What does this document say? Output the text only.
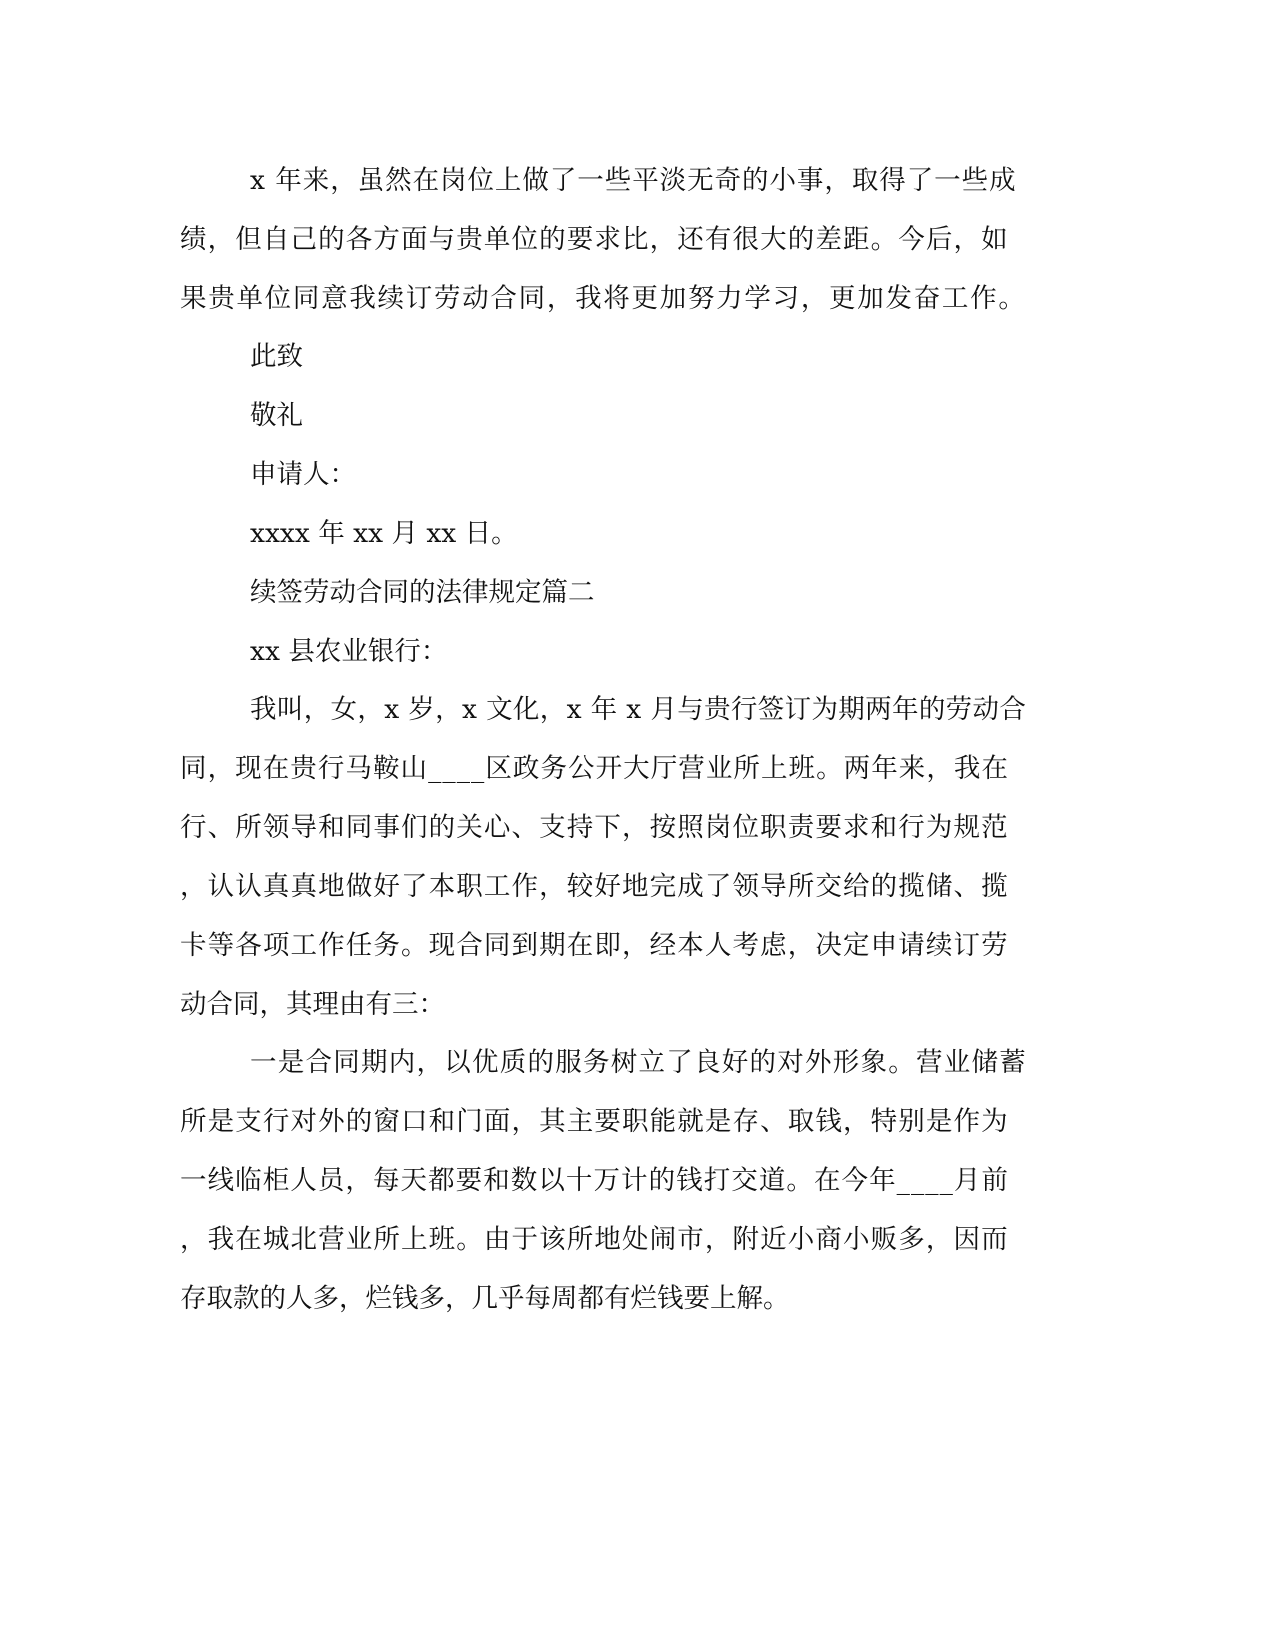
x
年 来 ， 虽 然 在 岗 位 上 做 了 一 些 平 淡 无 奇 的 小 事 ， 取 得 了 一 些 成

绩 ， 但 自 己 的 各 方 面 与 贵 单 位 的 要 求 比 ， 还 有 很 大 的 差 距 。 今 后 ， 如

果 贵 单 位 同 意 我 续 订 劳 动 合 同 ， 我 将 更 加 努 力 学 习 ， 更 加 发 奋 工 作 。

此致

敬礼

申请人：

xxxx 年 xx 月 xx 日。

续签劳动合同的法律规定篇二

xx 县农业银行：

我 叫 ， 女 ， x
岁 ， x
文 化 ， x
年
x
月 与 贵 行 签 订 为 期 两 年 的 劳 动 合

同 ， 现 在 贵 行 马 鞍 山 _ _ _ _ 区 政 务 公 开 大 厅 营 业 所 上 班 。 两 年 来 ， 我 在

行 、 所 领 导 和 同 事 们 的 关 心 、 支 持 下 ， 按 照 岗 位 职 责 要 求 和 行 为 规 范

， 认 认 真 真 地 做 好 了 本 职 工 作 ， 较 好 地 完 成 了 领 导 所 交 给 的 揽 储 、 揽

卡 等 各 项 工 作 任 务 。 现 合 同 到 期 在 即 ， 经 本 人 考 虑 ， 决 定 申 请 续 订 劳

动合同，其理由有三：

一 是 合 同 期 内 ， 以 优 质 的 服 务 树 立 了 良 好 的 对 外 形 象 。 营 业 储 蓄

所 是 支 行 对 外 的 窗 口 和 门 面 ， 其 主 要 职 能 就 是 存 、 取 钱 ， 特 别 是 作 为

一 线 临 柜 人 员 ， 每 天 都 要 和 数 以 十 万 计 的 钱 打 交 道 。 在 今 年 _ _ _ _ 月 前

， 我 在 城 北 营 业 所 上 班 。 由 于 该 所 地 处 闹 市 ， 附 近 小 商 小 贩 多 ， 因 而

存取款的人多，烂钱多，几乎每周都有烂钱要上解。
